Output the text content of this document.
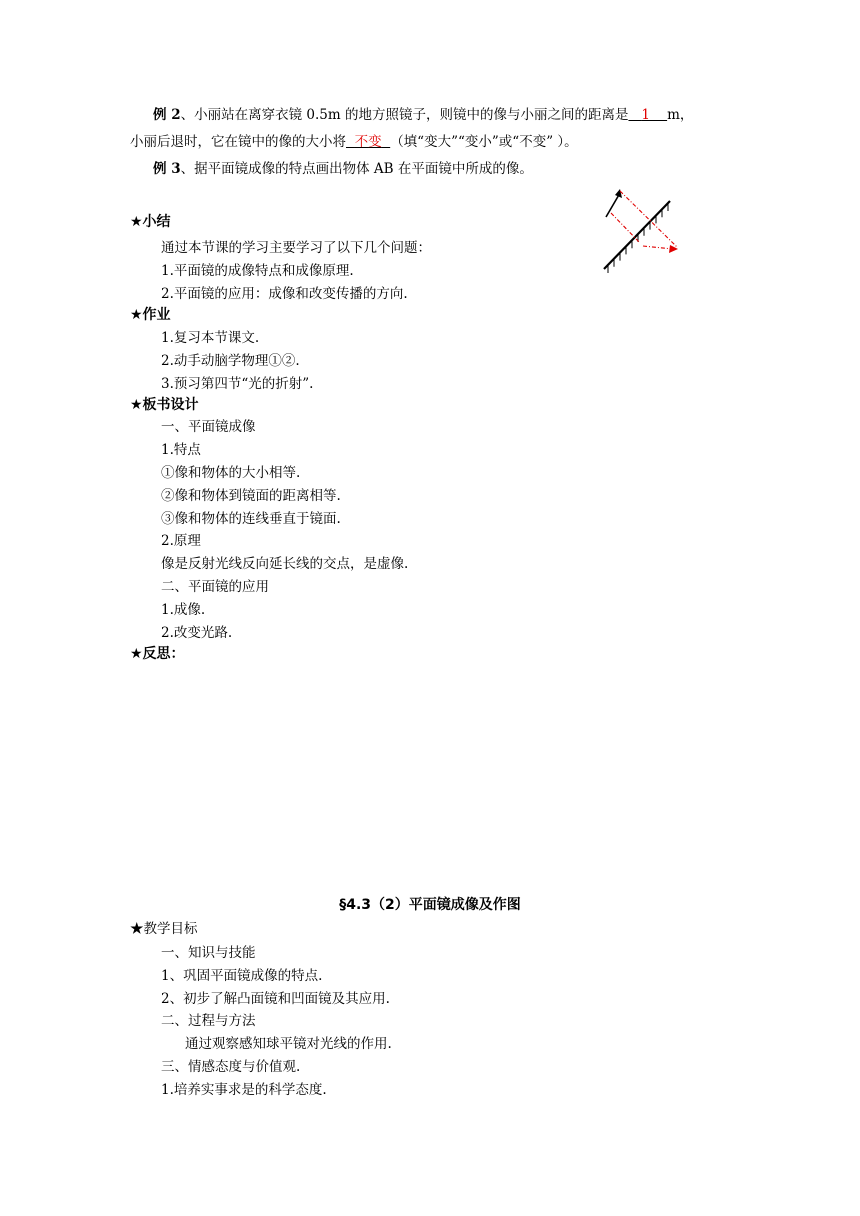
例 2、小丽站在离穿衣镜 0.5m 的地方照镜子，则镜中的像与小丽之间的距离是 1 m，
小丽后退时，它在镜中的像的大小将 不变 （填“变大”“变小”或“不变” ）。
例 3、据平面镜成像的特点画出物体 AB 在平面镜中所成的像。
★小结
通过本节课的学习主要学习了以下几个问题：
1.平面镜的成像特点和成像原理.
2.平面镜的应用：成像和改变传播的方向.
★作业
1.复习本节课文.
2.动手动脑学物理①②.
3.预习第四节“光的折射”.
★板书设计
一、平面镜成像
1.特点
①像和物体的大小相等.
②像和物体到镜面的距离相等.
③像和物体的连线垂直于镜面.
2.原理
像是反射光线反向延长线的交点，是虚像.
二、平面镜的应用
1.成像.
2.改变光路.
★反思：
§4.3（2）平面镜成像及作图
★教学目标
一、知识与技能
1、巩固平面镜成像的特点.
2、初步了解凸面镜和凹面镜及其应用.
二、过程与方法
通过观察感知球平镜对光线的作用.
三、情感态度与价值观.
1.培养实事求是的科学态度.
